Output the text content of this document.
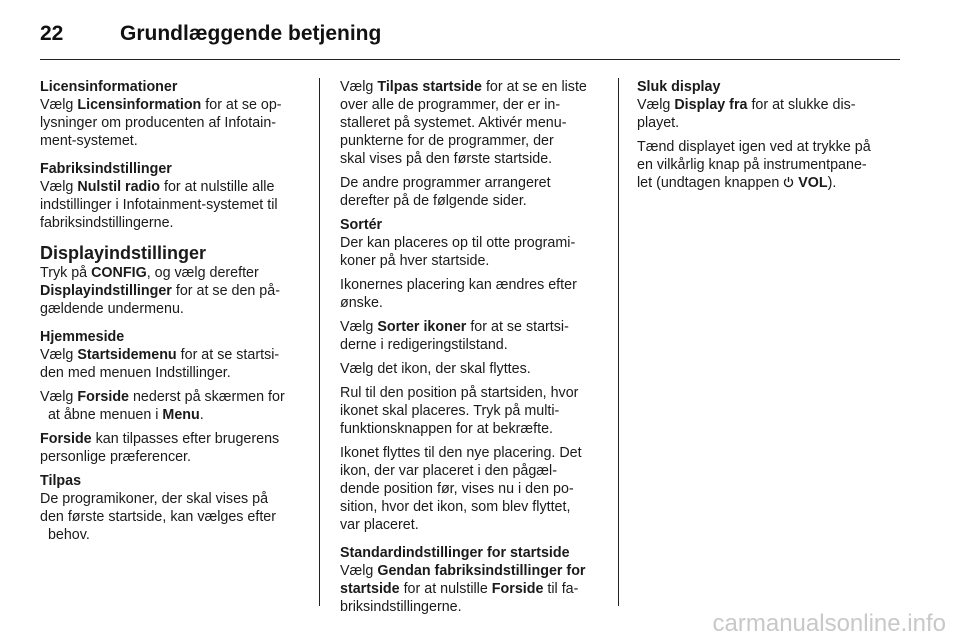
22	Grundlæggende betjening
Licensinformationer

Vælg Licensinformation for at se op-
lysninger om producenten af Infotain-
ment-systemet.

Fabriksindstillinger

Vælg Nulstil radio for at nulstille alle
indstillinger i Infotainment-systemet til
fabriksindstillingerne.

Displayindstillinger

Tryk på CONFIG, og vælg derefter
Displayindstillinger for at se den på-
gældende undermenu.

Hjemmeside

Vælg Startsidemenu for at se startsi-
den med menuen Indstillinger.

Vælg Forside nederst på skærmen for
at åbne menuen i Menu.

Forside kan tilpasses efter brugerens
personlige præferencer.

Tilpas

De programikoner, der skal vises på
den første startside, kan vælges efter
behov.

Vælg Tilpas startside for at se en liste
over alle de programmer, der er in-
stalleret på systemet. Aktivér menu-
punkterne for de programmer, der
skal vises på den første startside.

De andre programmer arrangeret
derefter på de følgende sider.

Sortér

Der kan placeres op til otte programi-
koner på hver startside.

Ikonernes placering kan ændres efter
ønske.

Vælg Sorter ikoner for at se startsi-
derne i redigeringstilstand.

Vælg det ikon, der skal flyttes.

Rul til den position på startsiden, hvor
ikonet skal placeres. Tryk på multi-
funktionsknappen for at bekræfte.

Ikonet flyttes til den nye placering. Det
ikon, der var placeret i den pågæl-
dende position før, vises nu i den po-
sition, hvor det ikon, som blev flyttet,
var placeret.

Standardindstillinger for startside

Vælg Gendan fabriksindstillinger for
startside for at nulstille Forside til fa-
briksindstillingerne.

Sluk display

Vælg Display fra for at slukke dis-
playet.

Tænd displayet igen ved at trykke på
en vilkårlig knap på instrumentpane-
let (undtagen knappen  VOL).

carmanualsonline.info
